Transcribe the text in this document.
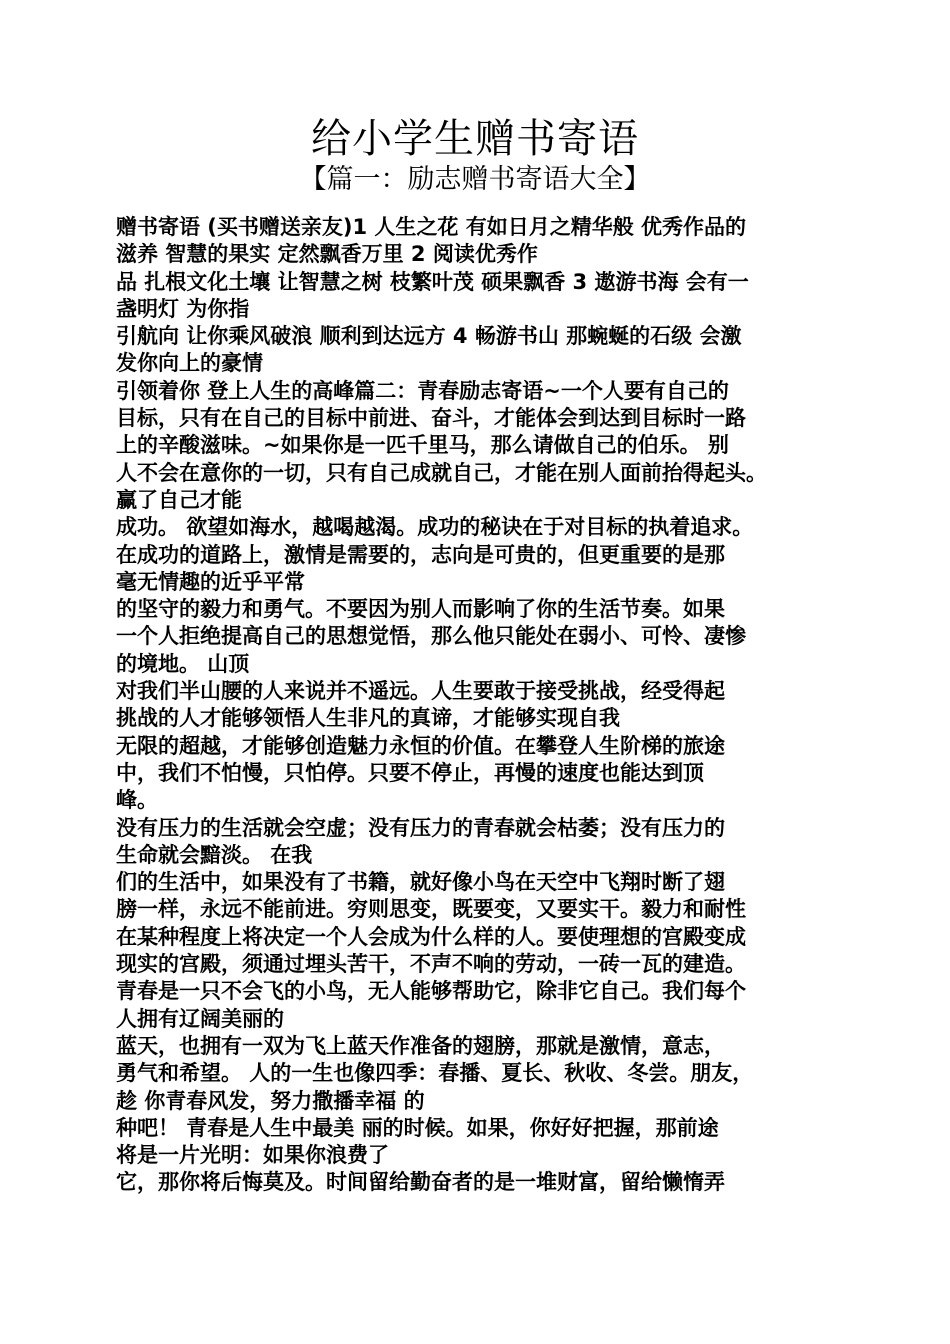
给小学生赠书寄语
【篇一：励志赠书寄语大全】
赠书寄语 (买书赠送亲友)1 人生之花 有如日月之精华般 优秀作品的
滋养 智慧的果实 定然飘香万里 2 阅读优秀作
品 扎根文化土壤 让智慧之树 枝繁叶茂 硕果飘香 3 遨游书海 会有一
盏明灯 为你指
引航向 让你乘风破浪 顺利到达远方 4 畅游书山 那蜿蜒的石级 会激
发你向上的豪情
引领着你 登上人生的高峰篇二：青春励志寄语~一个人要有自己的
目标，只有在自己的目标中前进、奋斗，才能体会到达到目标时一路
上的辛酸滋味。~如果你是一匹千里马，那么请做自己的伯乐。 别
人不会在意你的一切，只有自己成就自己，才能在别人面前抬得起头。
赢了自己才能
成功。 欲望如海水，越喝越渴。成功的秘诀在于对目标的执着追求。
在成功的道路上，激情是需要的，志向是可贵的，但更重要的是那
毫无情趣的近乎平常
的坚守的毅力和勇气。不要因为别人而影响了你的生活节奏。如果
一个人拒绝提高自己的思想觉悟，那么他只能处在弱小、可怜、凄惨
的境地。 山顶
对我们半山腰的人来说并不遥远。人生要敢于接受挑战，经受得起
挑战的人才能够领悟人生非凡的真谛，才能够实现自我
无限的超越，才能够创造魅力永恒的价值。在攀登人生阶梯的旅途
中，我们不怕慢，只怕停。只要不停止，再慢的速度也能达到顶
峰。
没有压力的生活就会空虚；没有压力的青春就会枯萎；没有压力的
生命就会黯淡。 在我
们的生活中，如果没有了书籍，就好像小鸟在天空中飞翔时断了翅
膀一样，永远不能前进。穷则思变，既要变，又要实干。毅力和耐性
在某种程度上将决定一个人会成为什么样的人。要使理想的宫殿变成
现实的宫殿，须通过埋头苦干，不声不响的劳动，一砖一瓦的建造。
青春是一只不会飞的小鸟，无人能够帮助它，除非它自己。我们每个
人拥有辽阔美丽的
蓝天，也拥有一双为飞上蓝天作准备的翅膀，那就是激情，意志，
勇气和希望。 人的一生也像四季：春播、夏长、秋收、冬尝。朋友，
趁 你青春风发，努力撒播幸福 的
种吧！ 青春是人生中最美 丽的时候。如果，你好好把握，那前途
将是一片光明：如果你浪费了
它，那你将后悔莫及。时间留给勤奋者的是一堆财富，留给懒惰弄
